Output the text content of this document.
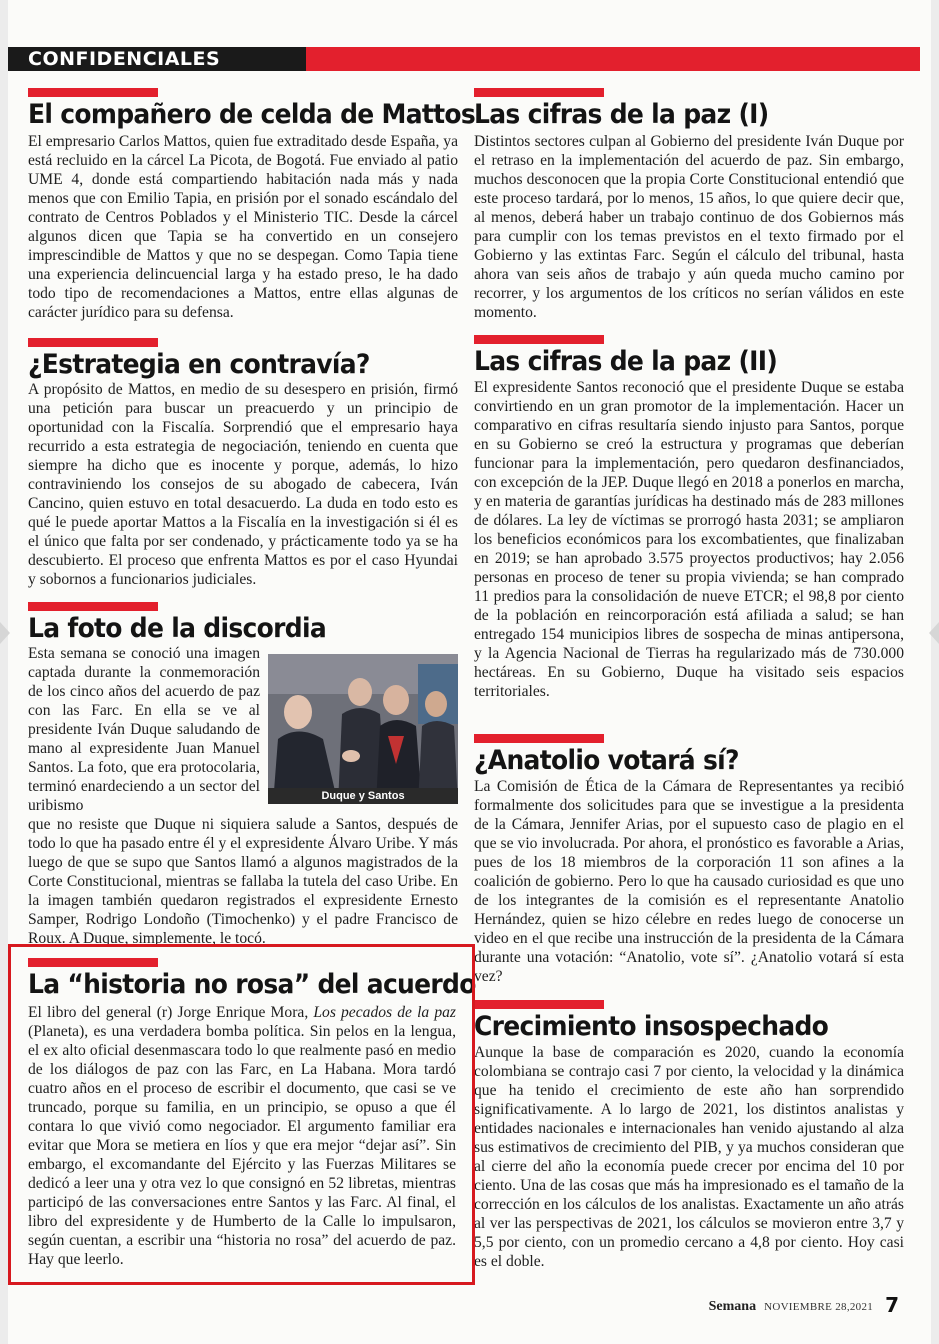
CONFIDENCIALES
El compañero de celda de Mattos

El empresario Carlos Mattos, quien fue extraditado desde España, ya está recluido en la cárcel La Picota, de Bogotá. Fue enviado al patio UME 4, donde está compartiendo habitación nada más y nada menos que con Emilio Tapia, en prisión por el sonado escándalo del contrato de Centros Poblados y el Ministerio TIC. Desde la cárcel algunos dicen que Tapia se ha convertido en un consejero imprescindible de Mattos y que no se despegan. Como Tapia tiene una experiencia delincuencial larga y ha estado preso, le ha dado todo tipo de recomendaciones a Mattos, entre ellas algunas de carácter jurídico para su defensa.

¿Estrategia en contravía?

A propósito de Mattos, en medio de su desespero en prisión, firmó una petición para buscar un preacuerdo y un principio de oportunidad con la Fiscalía. Sorprendió que el empresario haya recurrido a esta estrategia de negociación, teniendo en cuenta que siempre ha dicho que es inocente y porque, además, lo hizo contraviniendo los consejos de su abogado de cabecera, Iván Cancino, quien estuvo en total desacuerdo. La duda en todo esto es qué le puede aportar Mattos a la Fiscalía en la investigación si él es el único que falta por ser condenado, y prácticamente todo ya se ha descubierto. El proceso que enfrenta Mattos es por el caso Hyundai y sobornos a funcionarios judiciales.

La foto de la discordia

Esta semana se conoció una imagen captada durante la conmemoración de los cinco años del acuerdo de paz con las Farc. En ella se ve al presidente Iván Duque saludando de mano al expresidente Juan Manuel Santos. La foto, que era protocolaria, terminó enardeciendo a un sector del uribismo

Duque y Santos

que no resiste que Duque ni siquiera salude a Santos, después de todo lo que ha pasado entre él y el expresidente Álvaro Uribe. Y más luego de que se supo que Santos llamó a algunos magistrados de la Corte Constitucional, mientras se fallaba la tutela del caso Uribe. En la imagen también quedaron registrados el expresidente Ernesto Samper, Rodrigo Londoño (Timochenko) y el padre Francisco de Roux. A Duque, simplemente, le tocó.

La “historia no rosa” del acuerdo

El libro del general (r) Jorge Enrique Mora, Los pecados de la paz (Planeta), es una verdadera bomba política. Sin pelos en la lengua, el ex alto oficial desenmascara todo lo que realmente pasó en medio de los diálogos de paz con las Farc, en La Habana. Mora tardó cuatro años en el proceso de escribir el documento, que casi se ve truncado, porque su familia, en un principio, se opuso a que él contara lo que vivió como negociador. El argumento familiar era evitar que Mora se metiera en líos y que era mejor “dejar así”. Sin embargo, el excomandante del Ejército y las Fuerzas Militares se dedicó a leer una y otra vez lo que consignó en 52 libretas, mientras participó de las conversaciones entre Santos y las Farc. Al final, el libro del expresidente y de Humberto de la Calle lo impulsaron, según cuentan, a escribir una “historia no rosa” del acuerdo de paz. Hay que leerlo.

Las cifras de la paz (I)

Distintos sectores culpan al Gobierno del presidente Iván Duque por el retraso en la implementación del acuerdo de paz. Sin embargo, muchos desconocen que la propia Corte Constitucional entendió que este proceso tardará, por lo menos, 15 años, lo que quiere decir que, al menos, deberá haber un trabajo continuo de dos Gobiernos más para cumplir con los temas previstos en el texto firmado por el Gobierno y las extintas Farc. Según el cálculo del tribunal, hasta ahora van seis años de trabajo y aún queda mucho camino por recorrer, y los argumentos de los críticos no serían válidos en este momento.

Las cifras de la paz (II)

El expresidente Santos reconoció que el presidente Duque se estaba convirtiendo en un gran promotor de la implementación. Hacer un comparativo en cifras resultaría siendo injusto para Santos, porque en su Gobierno se creó la estructura y programas que deberían funcionar para la implementación, pero quedaron desfinanciados, con excepción de la JEP. Duque llegó en 2018 a ponerlos en marcha, y en materia de garantías jurídicas ha destinado más de 283 millones de dólares. La ley de víctimas se prorrogó hasta 2031; se ampliaron los beneficios económicos para los excombatientes, que finalizaban en 2019; se han aprobado 3.575 proyectos productivos; hay 2.056 personas en proceso de tener su propia vivienda; se han comprado 11 predios para la consolidación de nueve ETCR; el 98,8 por ciento de la población en reincorporación está afiliada a salud; se han entregado 154 municipios libres de sospecha de minas antipersona, y la Agencia Nacional de Tierras ha regularizado más de 730.000 hectáreas. En su Gobierno, Duque ha visitado seis espacios territoriales.

¿Anatolio votará sí?

La Comisión de Ética de la Cámara de Representantes ya recibió formalmente dos solicitudes para que se investigue a la presidenta de la Cámara, Jennifer Arias, por el supuesto caso de plagio en el que se vio involucrada. Por ahora, el pronóstico es favorable a Arias, pues de los 18 miembros de la corporación 11 son afines a la coalición de gobierno. Pero lo que ha causado curiosidad es que uno de los integrantes de la comisión es el representante Anatolio Hernández, quien se hizo célebre en redes luego de conocerse un video en el que recibe una instrucción de la presidenta de la Cámara durante una votación: “Anatolio, vote sí”. ¿Anatolio votará sí esta vez?

Crecimiento insospechado

Aunque la base de comparación es 2020, cuando la economía colombiana se contrajo casi 7 por ciento, la velocidad y la dinámica que ha tenido el crecimiento de este año han sorprendido significativamente. A lo largo de 2021, los distintos analistas y entidades nacionales e internacionales han venido ajustando al alza sus estimativos de crecimiento del PIB, y ya muchos consideran que al cierre del año la economía puede crecer por encima del 10 por ciento. Una de las cosas que más ha impresionado es el tamaño de la corrección en los cálculos de los analistas. Exactamente un año atrás al ver las perspectivas de 2021, los cálculos se movieron entre 3,7 y 5,5 por ciento, con un promedio cercano a 4,8 por ciento. Hoy casi es el doble.

Semana NOVIEMBRE 28,2021 7
